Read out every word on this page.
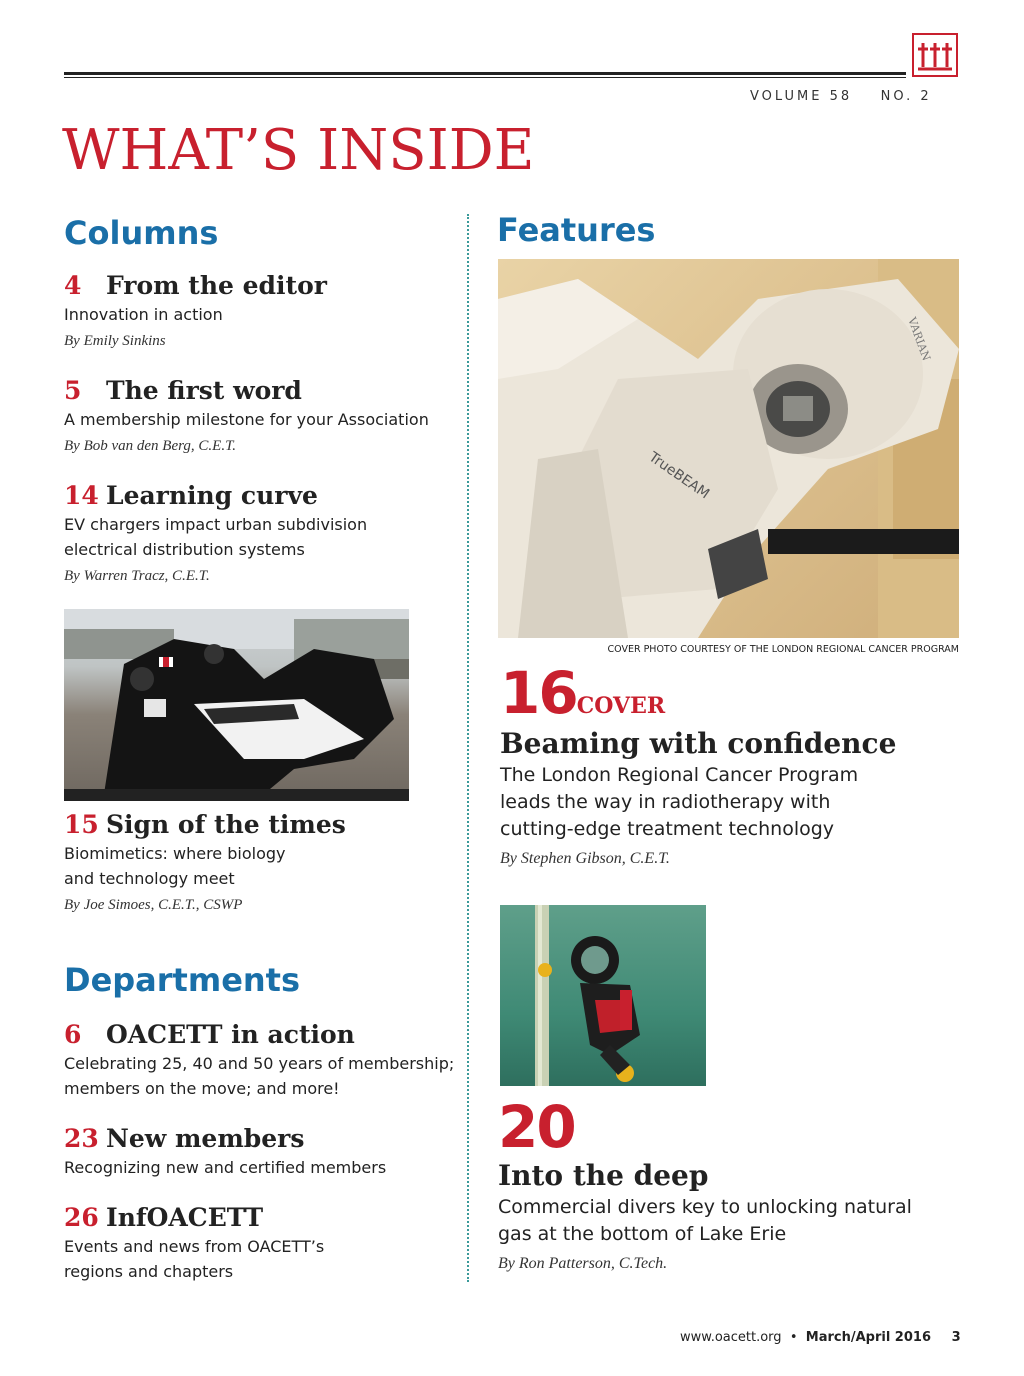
VOLUME 58 NO. 2
WHAT’S INSIDE
Columns
4 From the editor
Innovation in action
By Emily Sinkins
5 The first word
A membership milestone for your Association
By Bob van den Berg, C.E.T.
14 Learning curve
EV chargers impact urban subdivision electrical distribution systems
By Warren Tracz, C.E.T.
15 Sign of the times
Biomimetics: where biology and technology meet
By Joe Simoes, C.E.T., CSWP
Departments
6 OACETT in action
Celebrating 25, 40 and 50 years of membership; members on the move; and more!
23 New members
Recognizing new and certified members
26 InfOACETT
Events and news from OACETT’s regions and chapters
Features
TrueBEAM
VARIAN
COVER PHOTO COURTESY OF THE LONDON REGIONAL CANCER PROGRAM
16COVER
Beaming with confidence
The London Regional Cancer Program leads the way in radiotherapy with cutting-edge treatment technology
By Stephen Gibson, C.E.T.
20
Into the deep
Commercial divers key to unlocking natural gas at the bottom of Lake Erie
By Ron Patterson, C.Tech.
www.oacett.org • March/April 2016 3
